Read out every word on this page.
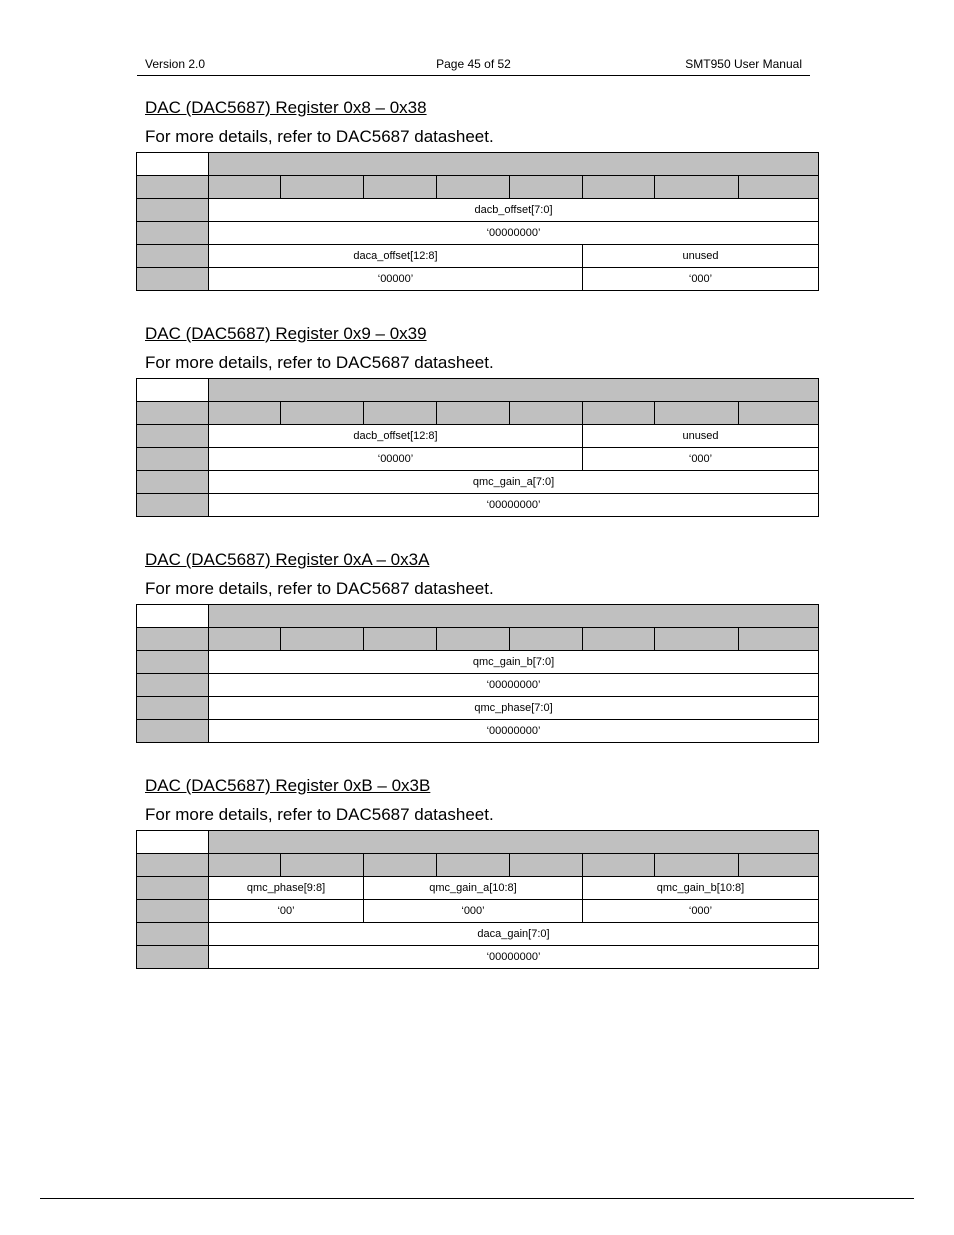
Version 2.0	Page 45 of 52	SMT950 User Manual
DAC (DAC5687) Register 0x8 – 0x38
For more details, refer to DAC5687 datasheet.

	dacb_offset[7:0]							
	‘00000000’							
	daca_offset[12:8]					unused		
	‘00000’					‘000’		
DAC (DAC5687) Register 0x9 – 0x39
For more details, refer to DAC5687 datasheet.

	dacb_offset[12:8]					unused		
	‘00000’					‘000’		
	qmc_gain_a[7:0]							
	‘00000000’							
DAC (DAC5687) Register 0xA – 0x3A
For more details, refer to DAC5687 datasheet.

	qmc_gain_b[7:0]							
	‘00000000’							
	qmc_phase[7:0]							
	‘00000000’							
DAC (DAC5687) Register 0xB – 0x3B
For more details, refer to DAC5687 datasheet.

	qmc_phase[9:8]		qmc_gain_a[10:8]			qmc_gain_b[10:8]		
	‘00’		‘000’			‘000’		
	daca_gain[7:0]							
	‘00000000’							
